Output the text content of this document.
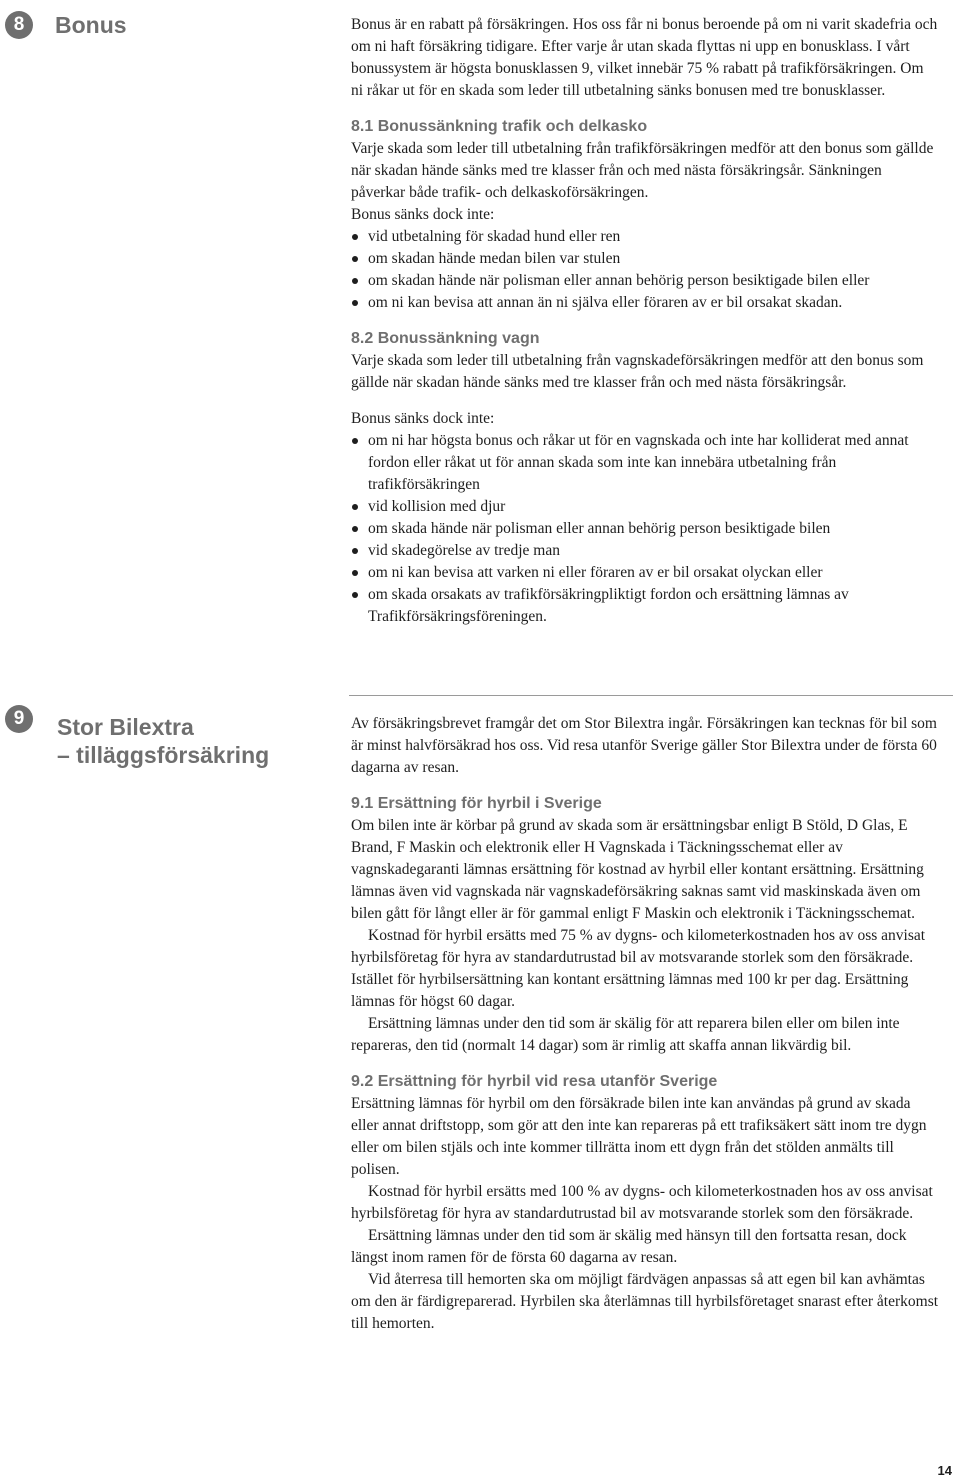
8	Bonus	Bonus är en rabatt på försäkringen. Hos oss får ni bonus beroende på om ni varit skadefria och om ni haft försäkring tidigare. Efter varje år utan skada flyttas ni upp en bonusklass. I vårt bonussystem är högsta bonusklassen 9, vilket innebär 75 % rabatt på trafikförsäkringen. Om ni råkar ut för en skada som leder till utbetalning sänks bonusen med tre bonusklasser.

8.1 Bonussänkning trafik och delkasko

Varje skada som leder till utbetalning från trafikförsäkringen medför att den bonus som gällde när skadan hände sänks med tre klasser från och med nästa försäkringsår. Sänkningen påverkar både trafik- och delkaskoförsäkringen.

Bonus sänks dock inte:

vid utbetalning för skadad hund eller ren
om skadan hände medan bilen var stulen
om skadan hände när polisman eller annan behörig person besiktigade bilen eller
om ni kan bevisa att annan än ni själva eller föraren av er bil orsakat skadan.

8.2 Bonussänkning vagn

Varje skada som leder till utbetalning från vagnskadeförsäkringen medför att den bonus som gällde när skadan hände sänks med tre klasser från och med nästa försäkringsår.

Bonus sänks dock inte:

om ni har högsta bonus och råkar ut för en vagnskada och inte har kolliderat med annat fordon eller råkat ut för annan skada som inte kan innebära utbetalning från trafikförsäkringen
vid kollision med djur
om skada hände när polisman eller annan behörig person besiktigade bilen
vid skadegörelse av tredje man
om ni kan bevisa att varken ni eller föraren av er bil orsakat olyckan eller
om skada orsakats av trafikförsäkringpliktigt fordon och ersättning lämnas av Trafikförsäkringsföreningen.
9	Stor Bilextra
– tilläggsförsäkring

Av försäkringsbrevet framgår det om Stor Bilextra ingår. Försäkringen kan tecknas för bil som är minst halvförsäkrad hos oss. Vid resa utanför Sverige gäller Stor Bilextra under de första 60 dagarna av resan.

9.1 Ersättning för hyrbil i Sverige

Om bilen inte är körbar på grund av skada som är ersättningsbar enligt B Stöld, D Glas, E Brand, F Maskin och elektronik eller H Vagnskada i Täckningsschemat eller av vagnskadegaranti lämnas ersättning för kostnad av hyrbil eller kontant ersättning. Ersättning lämnas även vid vagnskada när vagnskadeförsäkring saknas samt vid maskinskada även om bilen gått för långt eller är för gammal enligt F Maskin och elektronik i Täckningsschemat.

Kostnad för hyrbil ersätts med 75 % av dygns- och kilometerkostnaden hos av oss anvisat hyrbilsföretag för hyra av standardutrustad bil av motsvarande storlek som den försäkrade. Istället för hyrbilsersättning kan kontant ersättning lämnas med 100 kr per dag. Ersättning lämnas för högst 60 dagar.

Ersättning lämnas under den tid som är skälig för att reparera bilen eller om bilen inte repareras, den tid (normalt 14 dagar) som är rimlig att skaffa annan likvärdig bil.

9.2 Ersättning för hyrbil vid resa utanför Sverige

Ersättning lämnas för hyrbil om den försäkrade bilen inte kan användas på grund av skada eller annat driftstopp, som gör att den inte kan repareras på ett trafiksäkert sätt inom tre dygn eller om bilen stjäls och inte kommer tillrätta inom ett dygn från det stölden anmälts till polisen.

Kostnad för hyrbil ersätts med 100 % av dygns- och kilometerkostnaden hos av oss anvisat hyrbilsföretag för hyra av standardutrustad bil av motsvarande storlek som den försäkrade.

Ersättning lämnas under den tid som är skälig med hänsyn till den fortsatta resan, dock längst inom ramen för de första 60 dagarna av resan.

Vid återresa till hemorten ska om möjligt färdvägen anpassas så att egen bil kan avhämtas om den är färdigreparerad. Hyrbilen ska återlämnas till hyrbilsföretaget snarast efter återkomst till hemorten.

14
